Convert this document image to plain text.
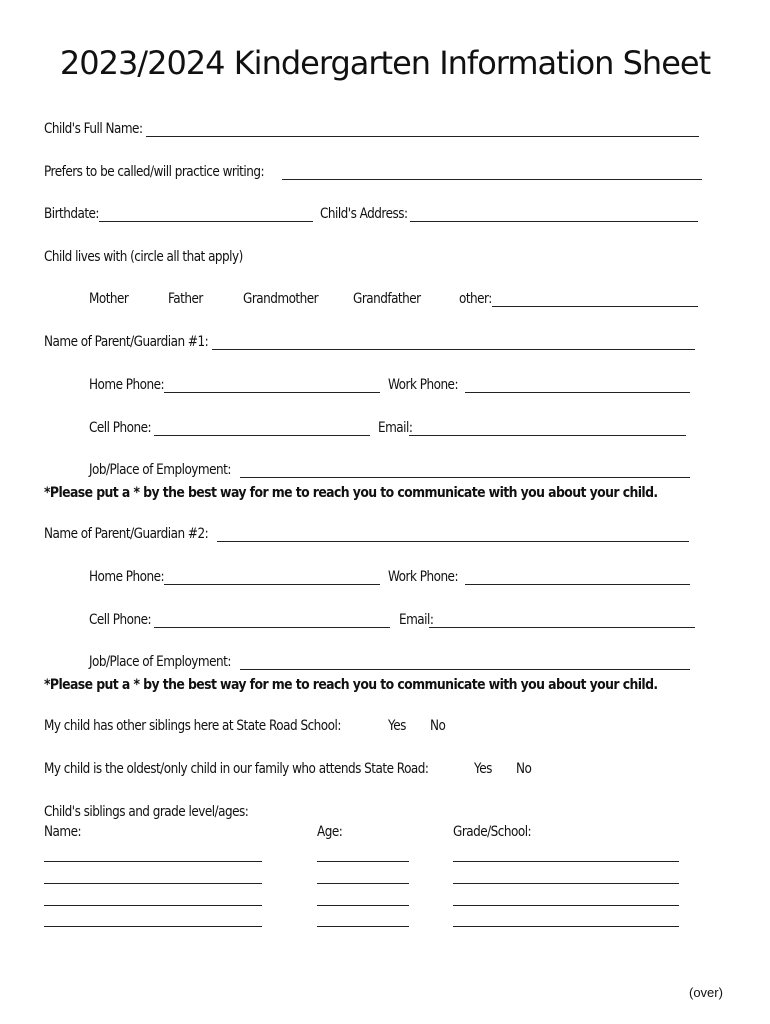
2023/2024 Kindergarten Information Sheet
Child's Full Name:
Prefers to be called/will practice writing:
Birthdate:	Child's Address:
Child lives with (circle all that apply)
Mother	Father	Grandmother Grandfather	other:
Name of Parent/Guardian #1:
Home Phone:	Work Phone:
Cell Phone:	Email:
Job/Place of Employment:
*Please put a * by the best way for me to reach you to communicate with you about your child.
Name of Parent/Guardian #2:
Home Phone:	Work Phone:
Cell Phone:	Email:
Job/Place of Employment:
*Please put a * by the best way for me to reach you to communicate with you about your child.
My child has other siblings here at State Road School:	Yes No
My child is the oldest/only child in our family who attends State Road:	Yes No
Child's siblings and grade level/ages:
Name:	Age:	Grade/School:
(over)
